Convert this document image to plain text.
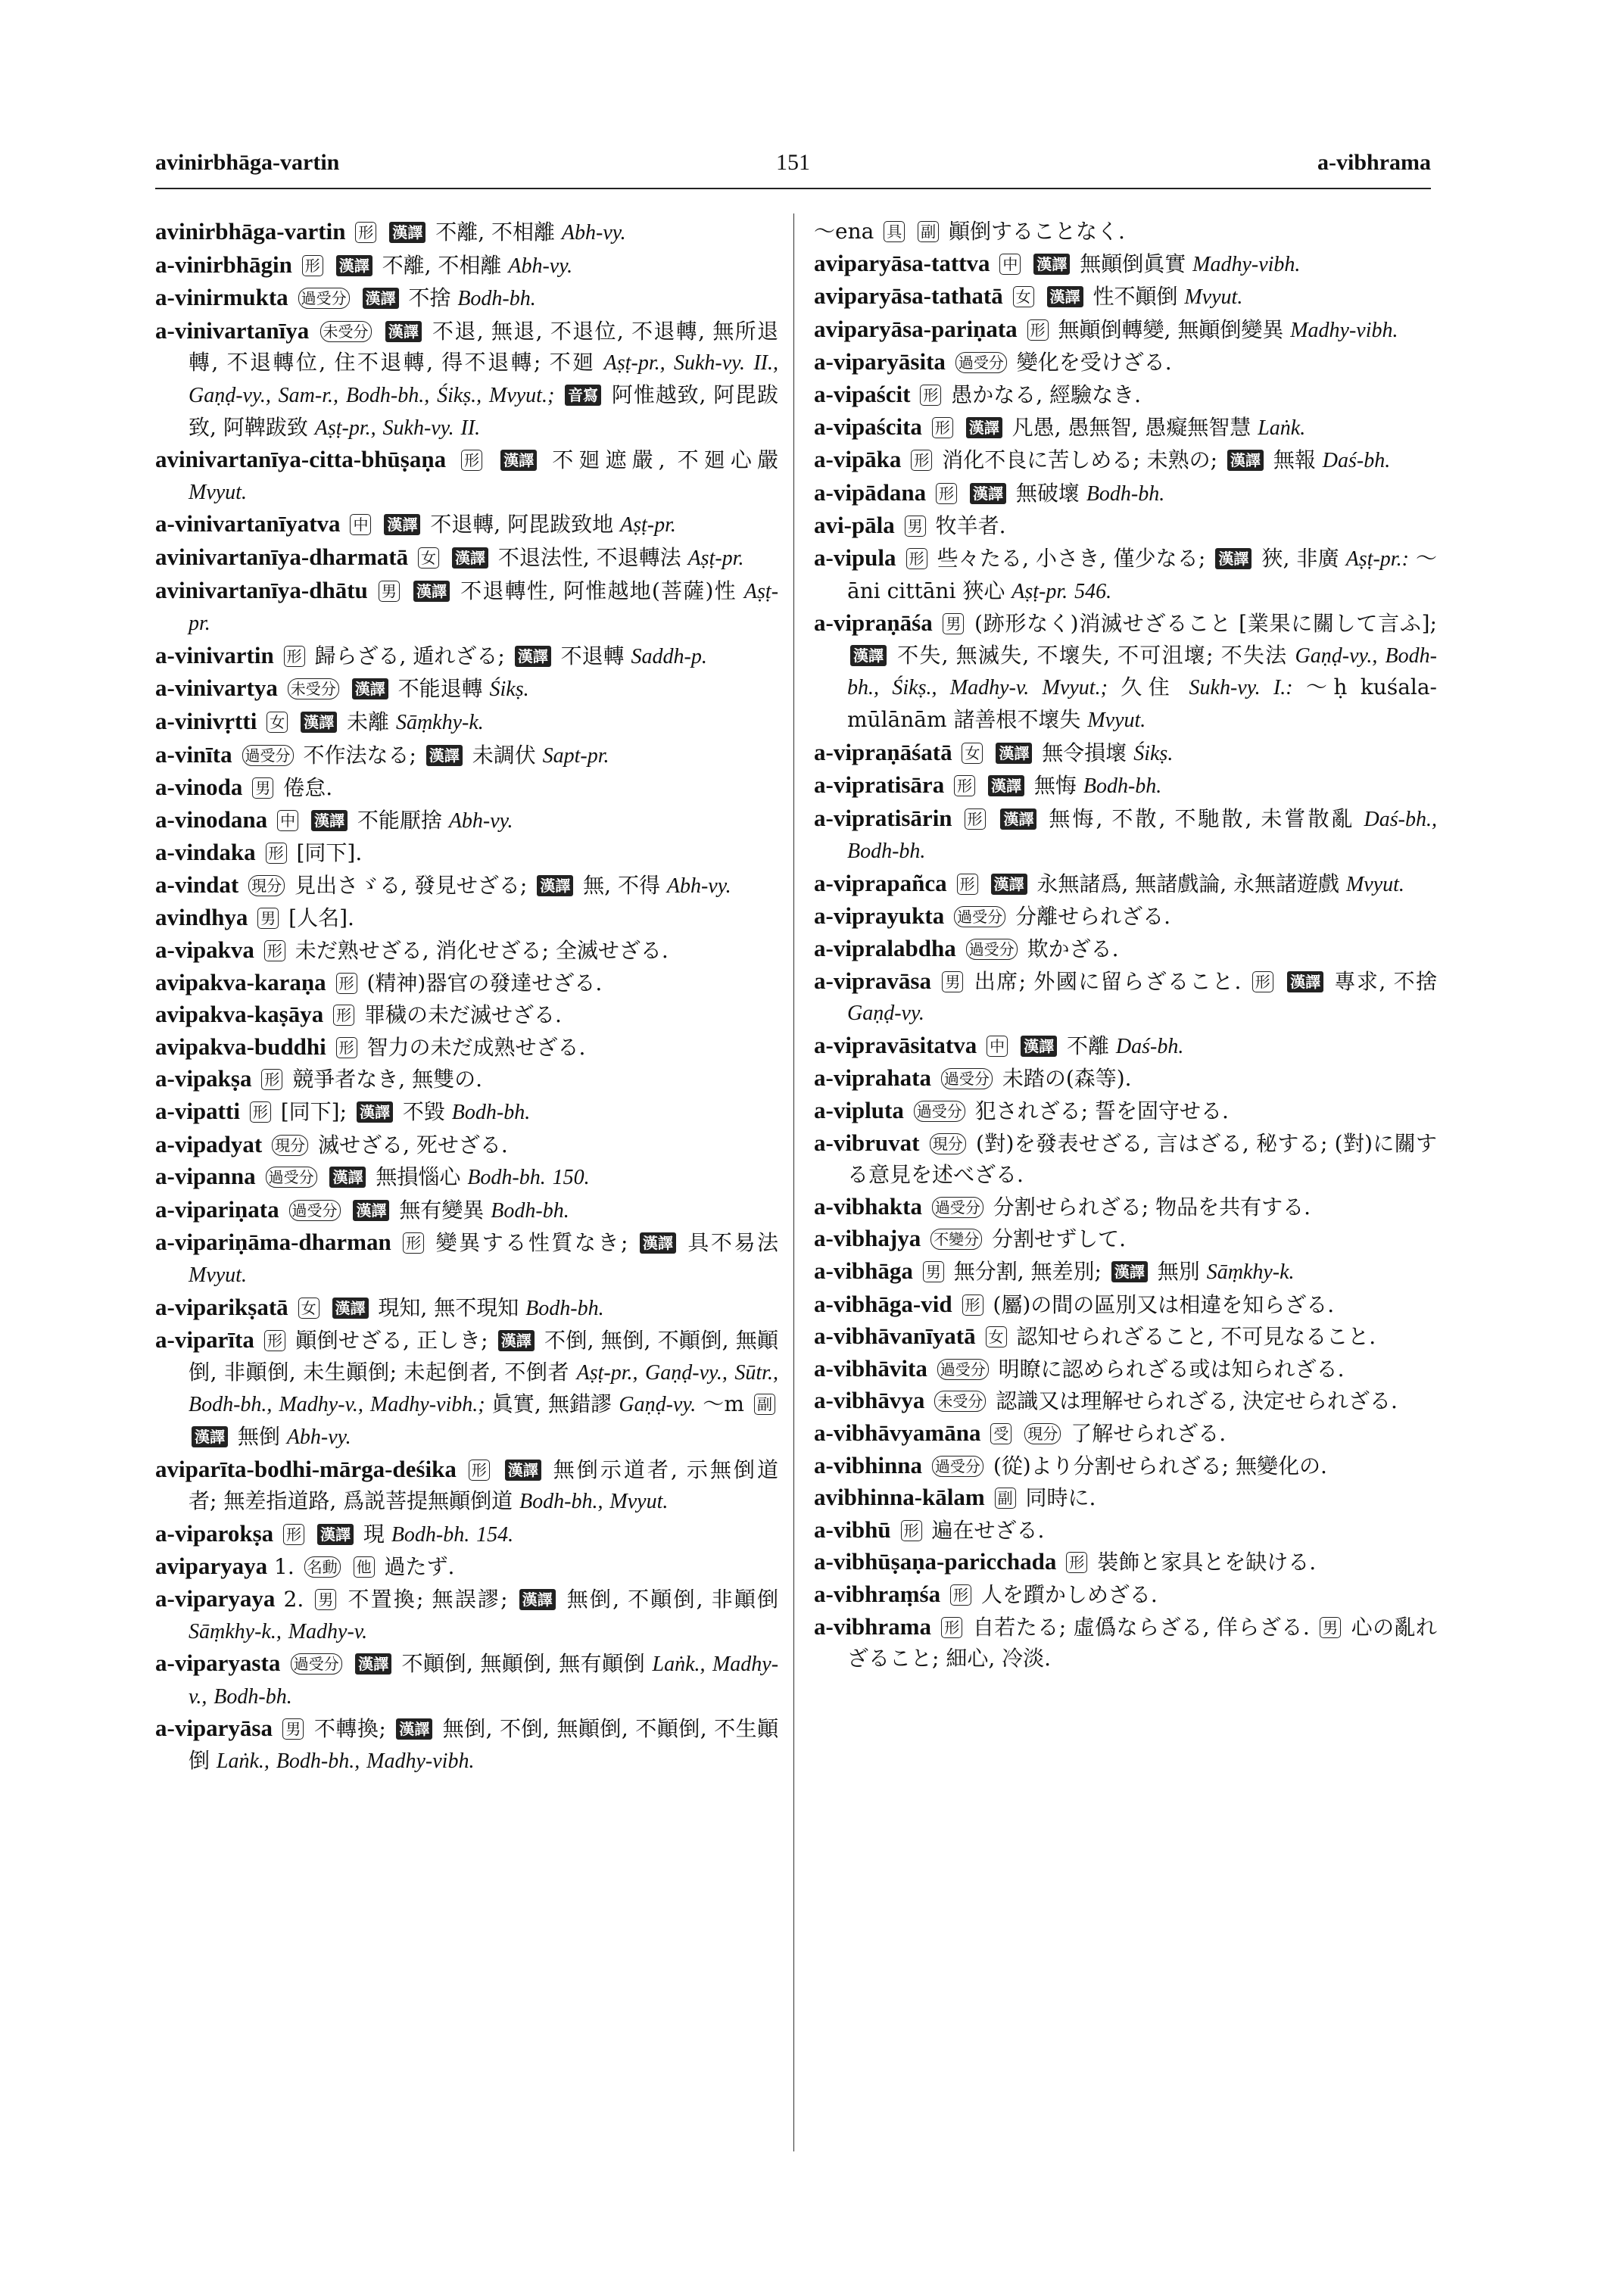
avinirbhāga-vartin	151	a-vibhrama
avinirbhāga-vartin 形 漢譯 不離, 不相離 Abh-vy.
a-vinirbhāgin 形 漢譯 不離, 不相離 Abh-vy.
a-vinirmukta 過受分 漢譯 不捨 Bodh-bh.
a-vinivartanīya 未受分 漢譯 不退, 無退, 不退位, 不退轉, 無所退轉, 不退轉位, 住不退轉, 得不退轉; 不廻 Aṣṭ-pr., Sukh-vy. II., Gaṇḍ-vy., Sam-r., Bodh-bh., Śikṣ., Mvyut.; 音寫 阿惟越致, 阿毘跋致, 阿鞞跋致 Aṣṭ-pr., Sukh-vy. II.
avinivartanīya-citta-bhūṣaṇa 形 漢譯 不廻遮嚴, 不廻心嚴 Mvyut.
a-vinivartanīyatva 中 漢譯 不退轉, 阿毘跋致地 Aṣṭ-pr.
avinivartanīya-dharmatā 女 漢譯 不退法性, 不退轉法 Aṣṭ-pr.
avinivartanīya-dhātu 男 漢譯 不退轉性, 阿惟越地(菩薩)性 Aṣṭ-pr.
a-vinivartin 形 歸らざる, 遁れざる; 漢譯 不退轉 Saddh-p.
a-vinivartya 未受分 漢譯 不能退轉 Śikṣ.
a-vinivṛtti 女 漢譯 未離 Sāṃkhy-k.
a-vinīta 過受分 不作法なる; 漢譯 未調伏 Sapt-pr.
a-vinoda 男 倦怠.
a-vinodana 中 漢譯 不能厭捨 Abh-vy.
a-vindaka 形 [同下].
a-vindat 現分 見出さゞる, 發見せざる; 漢譯 無, 不得 Abh-vy.
avindhya 男 [人名].
a-vipakva 形 未だ熟せざる, 消化せざる; 全滅せざる.
avipakva-karaṇa 形 (精神)器官の發達せざる.
avipakva-kaṣāya 形 罪穢の未だ滅せざる.
avipakva-buddhi 形 智力の未だ成熟せざる.
a-vipakṣa 形 競爭者なき, 無雙の.
a-vipatti 形 [同下]; 漢譯 不毀 Bodh-bh.
a-vipadyat 現分 滅せざる, 死せざる.
a-vipanna 過受分 漢譯 無損惱心 Bodh-bh. 150.
a-vipariṇata 過受分 漢譯 無有變異 Bodh-bh.
a-vipariṇāma-dharman 形 變異する性質なき; 漢譯 具不易法 Mvyut.
a-viparikṣatā 女 漢譯 現知, 無不現知 Bodh-bh.
a-viparīta 形 顚倒せざる, 正しき; 漢譯 不倒, 無倒, 不顚倒, 無顚倒, 非顚倒, 未生顚倒; 未起倒者, 不倒者 Aṣṭ-pr., Gaṇḍ-vy., Sūtr., Bodh-bh., Madhy-v., Madhy-vibh.; 眞實, 無錯謬 Gaṇḍ-vy. ～m 副 漢譯 無倒 Abh-vy.
aviparīta-bodhi-mārga-deśika 形 漢譯 無倒示道者, 示無倒道者; 無差指道路, 爲説菩提無顚倒道 Bodh-bh., Mvyut.
a-viparokṣa 形 漢譯 現 Bodh-bh. 154.
aviparyaya 1. 名動 他 過たず.
a-viparyaya 2. 男 不置換; 無誤謬; 漢譯 無倒, 不顚倒, 非顚倒 Sāṃkhy-k., Madhy-v.
a-viparyasta 過受分 漢譯 不顚倒, 無顚倒, 無有顚倒 Laṅk., Madhy-v., Bodh-bh.
a-viparyāsa 男 不轉換; 漢譯 無倒, 不倒, 無顚倒, 不顚倒, 不生顚倒 Laṅk., Bodh-bh., Madhy-vibh.
～ena 具 副 顚倒することなく.
aviparyāsa-tattva 中 漢譯 無顚倒眞實 Madhy-vibh.
aviparyāsa-tathatā 女 漢譯 性不顚倒 Mvyut.
aviparyāsa-pariṇata 形 無顚倒轉變, 無顚倒變異 Madhy-vibh.
a-viparyāsita 過受分 變化を受けざる.
a-vipaścit 形 愚かなる, 經驗なき.
a-vipaścita 形 漢譯 凡愚, 愚無智, 愚癡無智慧 Laṅk.
a-vipāka 形 消化不良に苦しめる; 未熟の; 漢譯 無報 Daś-bh.
a-vipādana 形 漢譯 無破壞 Bodh-bh.
avi-pāla 男 牧羊者.
a-vipula 形 些々たる, 小さき, 僅少なる; 漢譯 狹, 非廣 Aṣṭ-pr.: ～āni cittāni 狹心 Aṣṭ-pr. 546.
a-vipraṇāśa 男 (跡形なく)消滅せざること [業果に關して言ふ]; 漢譯 不失, 無滅失, 不壞失, 不可沮壞; 不失法 Gaṇḍ-vy., Bodh-bh., Śikṣ., Madhy-v. Mvyut.; 久住 Sukh-vy. I.: ～ḥ kuśala-mūlānām 諸善根不壞失 Mvyut.
a-vipraṇāśatā 女 漢譯 無令損壞 Śikṣ.
a-vipratisāra 形 漢譯 無悔 Bodh-bh.
a-vipratisārin 形 漢譯 無悔, 不散, 不馳散, 未嘗散亂 Daś-bh., Bodh-bh.
a-viprapañca 形 漢譯 永無諸爲, 無諸戲論, 永無諸遊戲 Mvyut.
a-viprayukta 過受分 分離せられざる.
a-vipralabdha 過受分 欺かざる.
a-vipravāsa 男 出席; 外國に留らざること. 形 漢譯 專求, 不捨 Gaṇḍ-vy.
a-vipravāsitatva 中 漢譯 不離 Daś-bh.
a-viprahata 過受分 未踏の(森等).
a-vipluta 過受分 犯されざる; 誓を固守せる.
a-vibruvat 現分 (對)を發表せざる, 言はざる, 秘する; (對)に關する意見を述べざる.
a-vibhakta 過受分 分割せられざる; 物品を共有する.
a-vibhajya 不變分 分割せずして.
a-vibhāga 男 無分割, 無差別; 漢譯 無別 Sāṃkhy-k.
a-vibhāga-vid 形 (屬)の間の區別又は相違を知らざる.
a-vibhāvanīyatā 女 認知せられざること, 不可見なること.
a-vibhāvita 過受分 明瞭に認められざる或は知られざる.
a-vibhāvya 未受分 認識又は理解せられざる, 決定せられざる.
a-vibhāvyamāna 受 現分 了解せられざる.
a-vibhinna 過受分 (從)より分割せられざる; 無變化の.
avibhinna-kālam 副 同時に.
a-vibhū 形 遍在せざる.
a-vibhūṣaṇa-paricchada 形 裝飾と家具とを缺ける.
a-vibhraṃśa 形 人を躓かしめざる.
a-vibhrama 形 自若たる; 虛僞ならざる, 佯らざる. 男 心の亂れざること; 細心, 冷淡.
